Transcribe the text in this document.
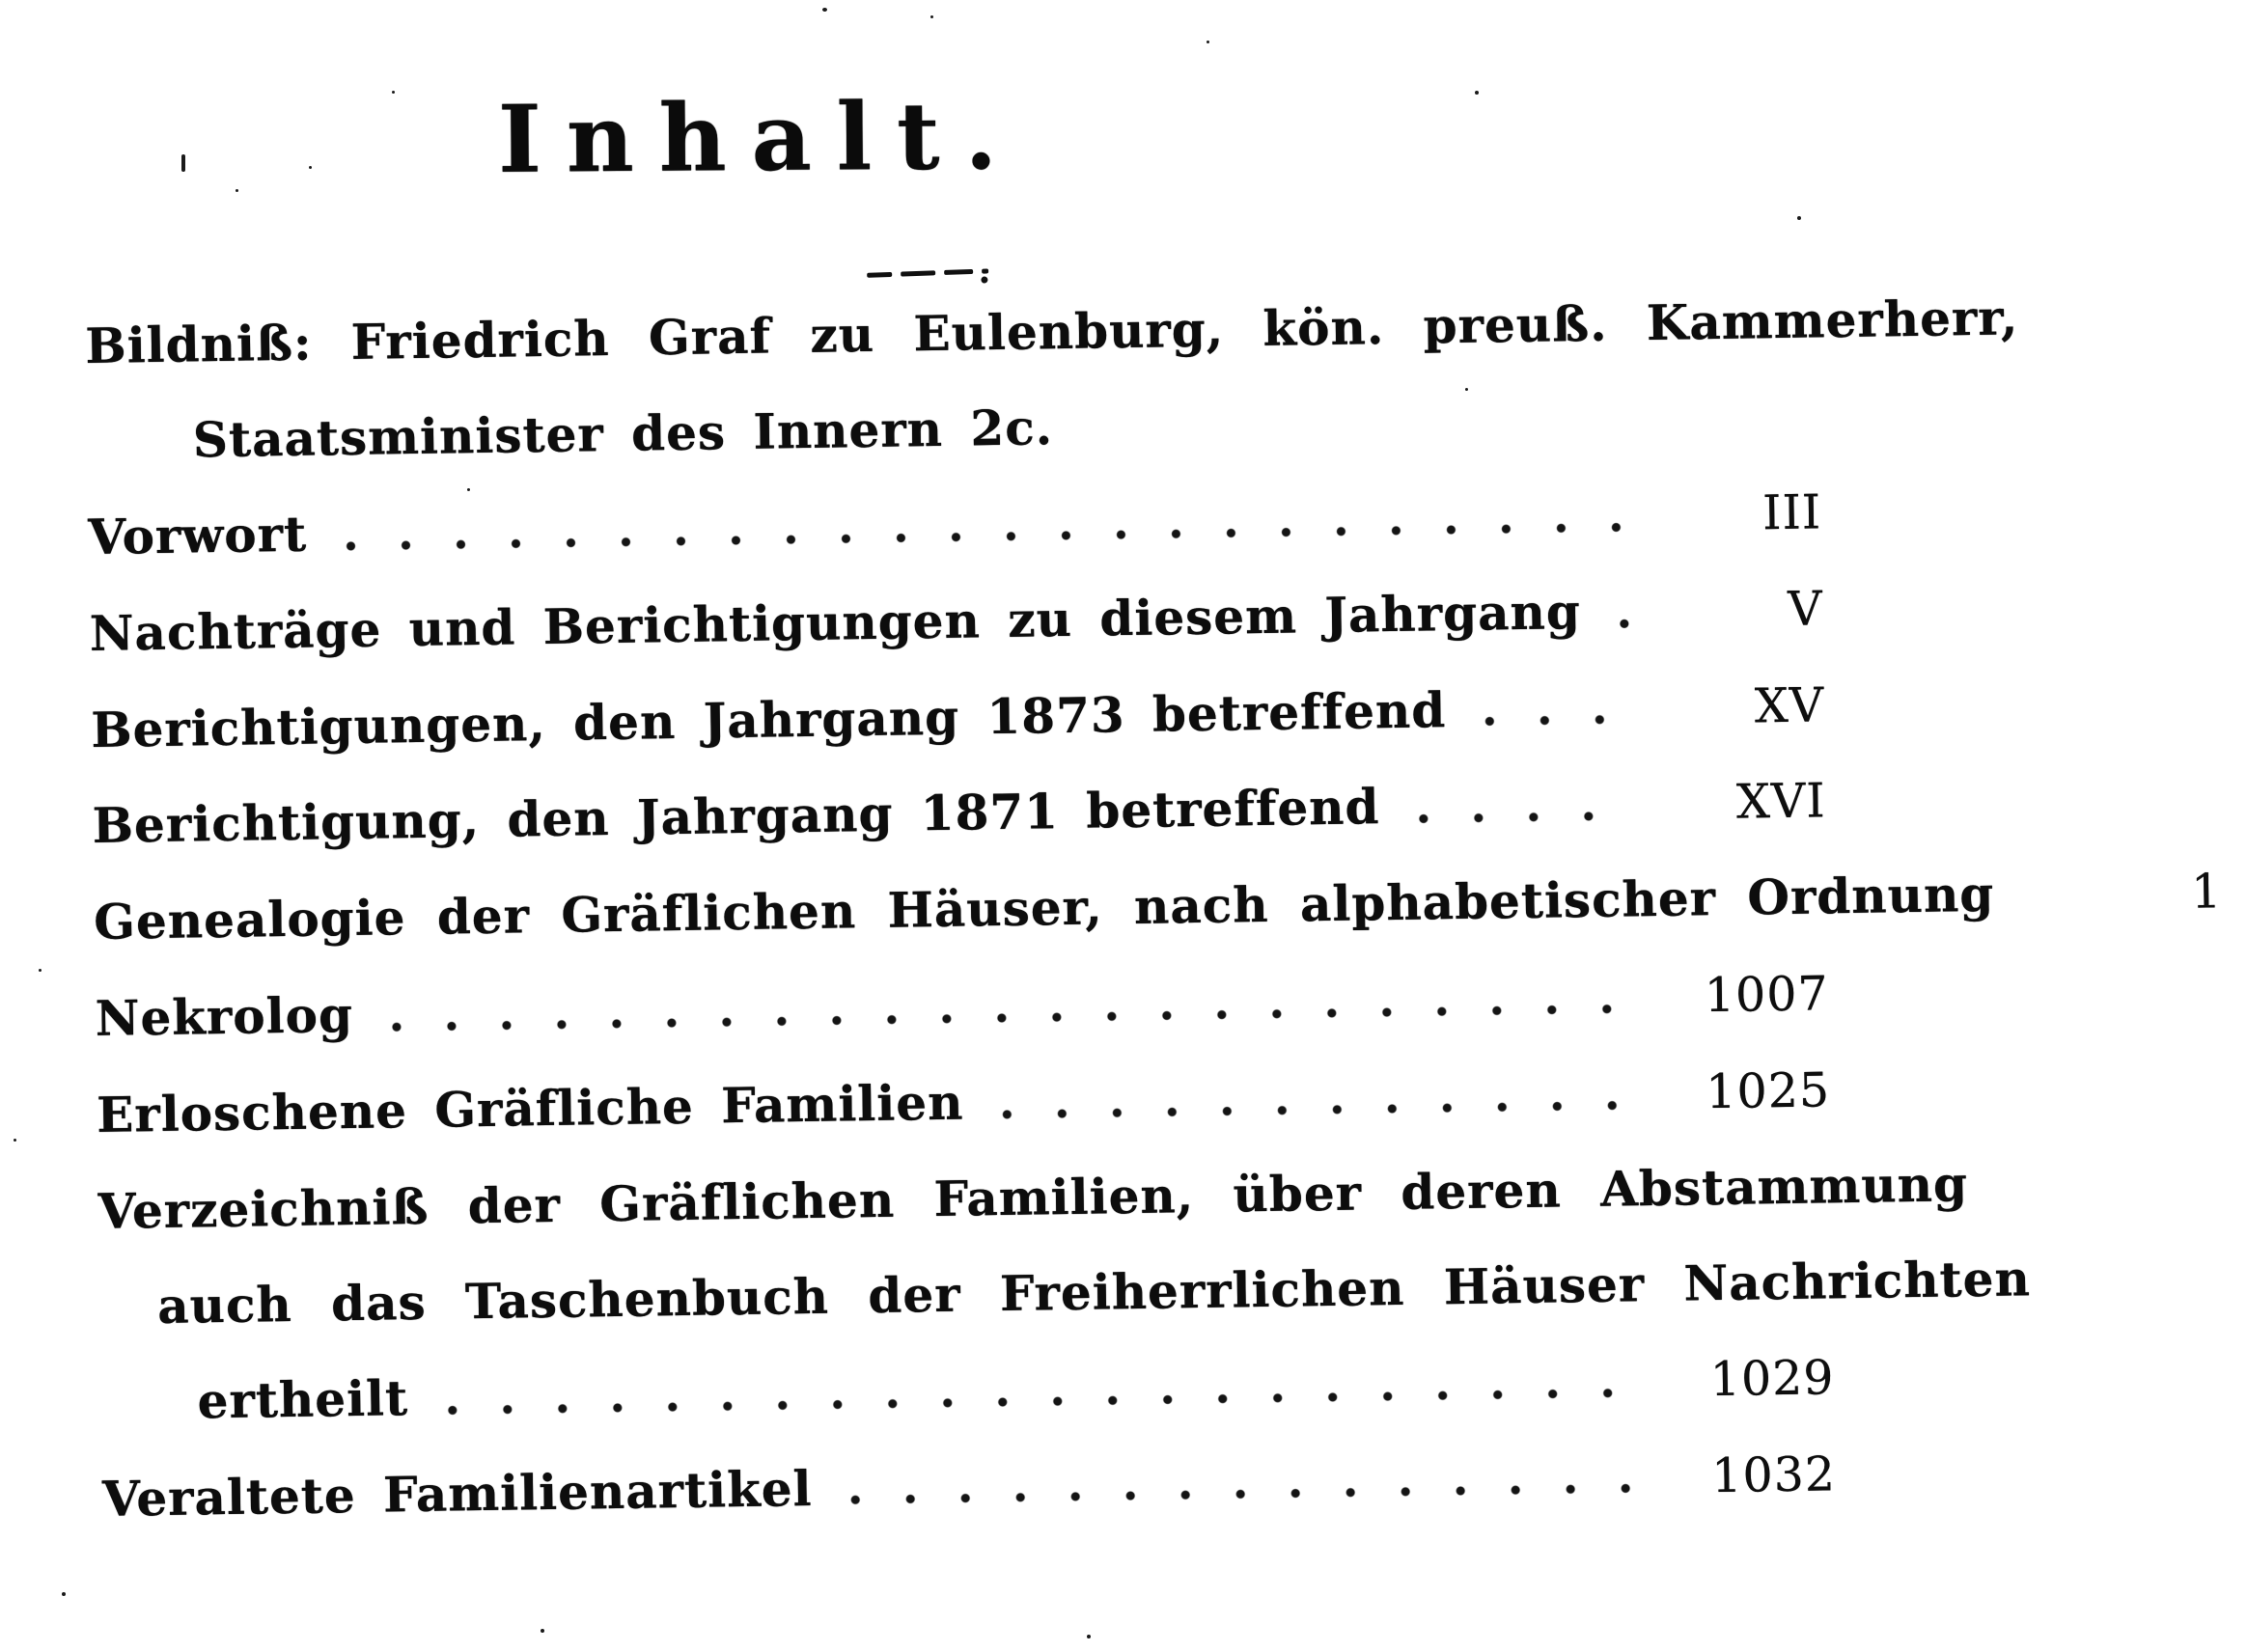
Inhalt.
Bildniß: Friedrich Graf zu Eulenburg, kön. preuß. Kammerherr,
Staatsminister des Innern 2c.
Vorwort	III
Nachträge und Berichtigungen zu diesem Jahrgang	V
Berichtigungen, den Jahrgang 1873 betreffend	XV
Berichtigung, den Jahrgang 1871 betreffend	XVI
Genealogie der Gräflichen Häuser, nach alphabetischer Ordnung	1
Nekrolog	1007
Erloschene Gräfliche Familien	1025
Verzeichniß der Gräflichen Familien, über deren Abstammung
auch das Taschenbuch der Freiherrlichen Häuser Nachrichten
ertheilt	1029
Veraltete Familienartikel	1032
